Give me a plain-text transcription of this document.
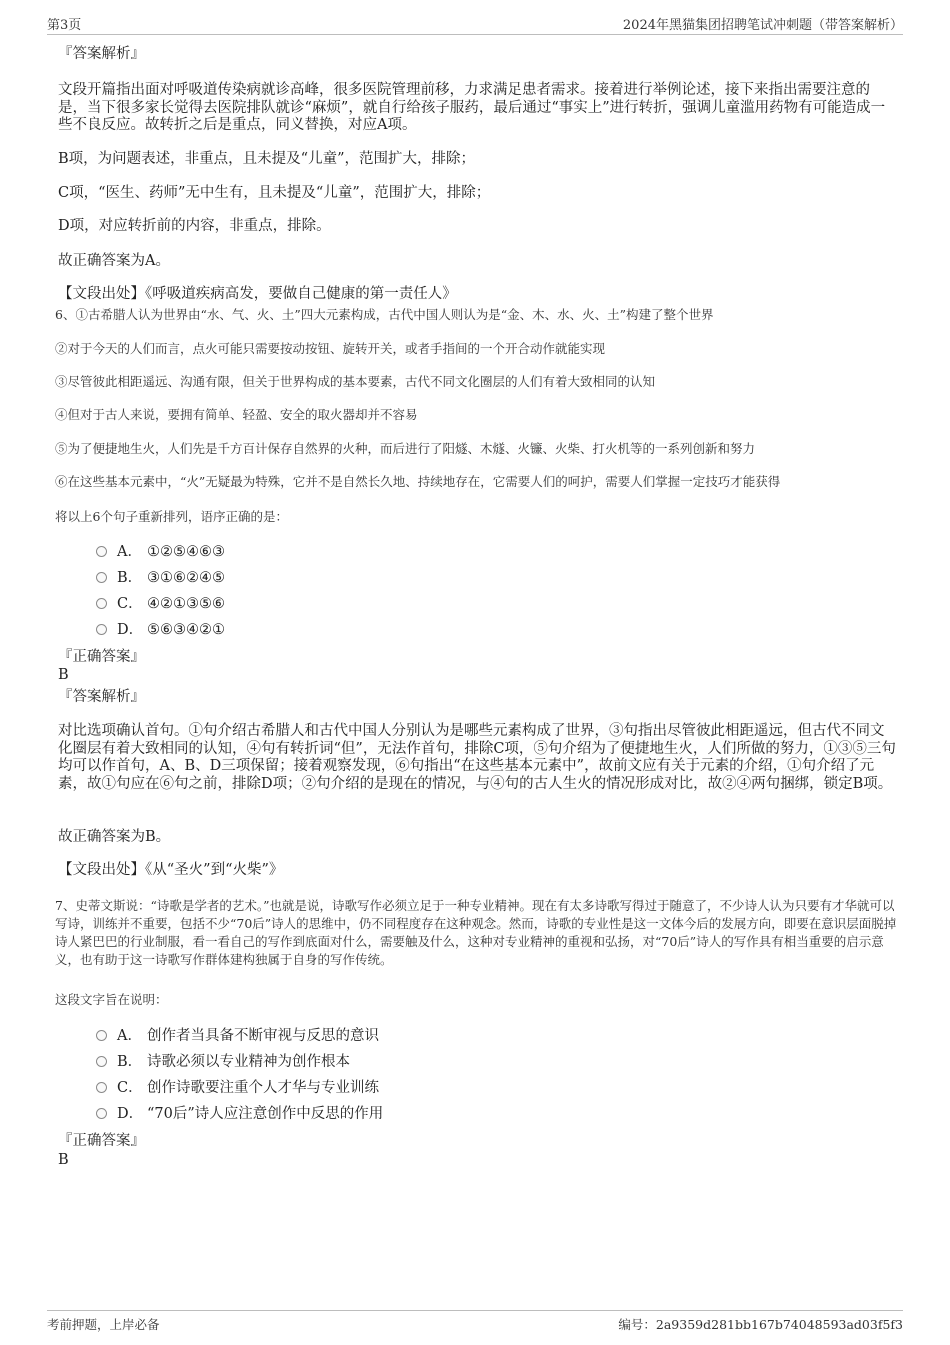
第3页	2024年黑猫集团招聘笔试冲刺题（带答案解析）
『答案解析』
文段开篇指出面对呼吸道传染病就诊高峰，很多医院管理前移，力求满足患者需求。接着进行举例论述，接下来指出需要注意的是，当下很多家长觉得去医院排队就诊“麻烦”，就自行给孩子服药，最后通过“事实上”进行转折，强调儿童滥用药物有可能造成一些不良反应。故转折之后是重点，同义替换，对应A项。
B项，为问题表述，非重点，且未提及“儿童”，范围扩大，排除；
C项，“医生、药师”无中生有，且未提及“儿童”，范围扩大，排除；
D项，对应转折前的内容，非重点，排除。
故正确答案为A。
【文段出处】《呼吸道疾病高发，要做自己健康的第一责任人》
6、①古希腊人认为世界由“水、气、火、土”四大元素构成，古代中国人则认为是“金、木、水、火、土”构建了整个世界
②对于今天的人们而言，点火可能只需要按动按钮、旋转开关，或者手指间的一个开合动作就能实现
③尽管彼此相距遥远、沟通有限，但关于世界构成的基本要素，古代不同文化圈层的人们有着大致相同的认知
④但对于古人来说，要拥有简单、轻盈、安全的取火器却并不容易
⑤为了便捷地生火，人们先是千方百计保存自然界的火种，而后进行了阳燧、木燧、火镰、火柴、打火机等的一系列创新和努力
⑥在这些基本元素中，“火”无疑最为特殊，它并不是自然长久地、持续地存在，它需要人们的呵护，需要人们掌握一定技巧才能获得
将以上6个句子重新排列，语序正确的是：
A． ①②⑤④⑥③
B． ③①⑥②④⑤
C． ④②①③⑤⑥
D． ⑤⑥③④②①
『正确答案』
B
『答案解析』
对比选项确认首句。①句介绍古希腊人和古代中国人分别认为是哪些元素构成了世界，③句指出尽管彼此相距遥远，但古代不同文化圈层有着大致相同的认知，④句有转折词“但”，无法作首句，排除C项，⑤句介绍为了便捷地生火，人们所做的努力，①③⑤三句均可以作首句，A、B、D三项保留；接着观察发现，⑥句指出“在这些基本元素中”，故前文应有关于元素的介绍，①句介绍了元素，故①句应在⑥句之前，排除D项；②句介绍的是现在的情况，与④句的古人生火的情况形成对比，故②④两句捆绑，锁定B项。
故正确答案为B。
【文段出处】《从“圣火”到“火柴”》
7、史蒂文斯说：“诗歌是学者的艺术。”也就是说，诗歌写作必须立足于一种专业精神。现在有太多诗歌写得过于随意了，不少诗人认为只要有才华就可以写诗，训练并不重要，包括不少“70后”诗人的思维中，仍不同程度存在这种观念。然而，诗歌的专业性是这一文体今后的发展方向，即要在意识层面脱掉诗人紧巴巴的行业制服，看一看自己的写作到底面对什么，需要触及什么，这种对专业精神的重视和弘扬，对“70后”诗人的写作具有相当重要的启示意义，也有助于这一诗歌写作群体建构独属于自身的写作传统。
这段文字旨在说明：
A． 创作者当具备不断审视与反思的意识
B． 诗歌必须以专业精神为创作根本
C． 创作诗歌要注重个人才华与专业训练
D． “70后”诗人应注意创作中反思的作用
『正确答案』
B
考前押题，上岸必备	编号：2a9359d281bb167b74048593ad03f5f3
